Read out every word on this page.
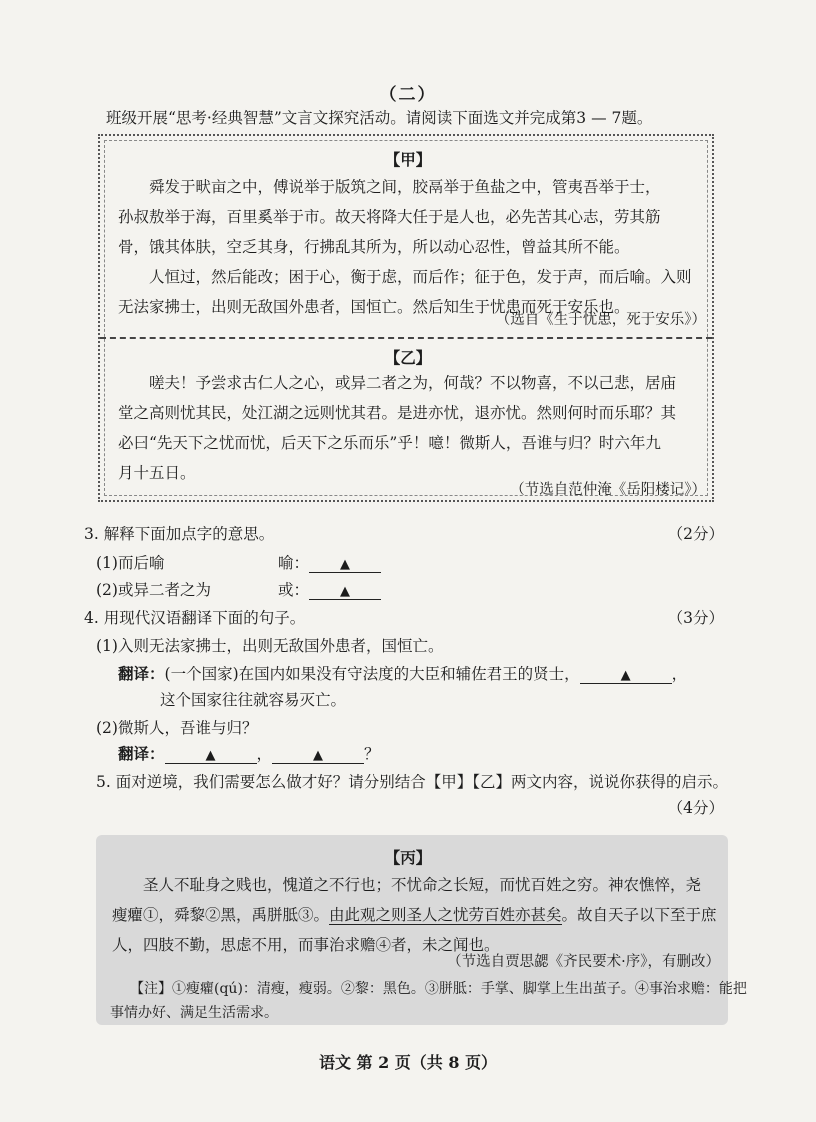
（二）
班级开展“思考·经典智慧”文言文探究活动。请阅读下面选文并完成第3 — 7题。
【甲】
舜发于畎亩之中，傅说举于版筑之间，胶鬲举于鱼盐之中，管夷吾举于士，
孙叔敖举于海，百里奚举于市。故天将降大任于是人也，必先苦其心志，劳其筋
骨，饿其体肤，空乏其身，行拂乱其所为，所以动心忍性，曾益其所不能。
人恒过，然后能改；困于心，衡于虑，而后作；征于色，发于声，而后喻。入则
无法家拂士，出则无敌国外患者，国恒亡。然后知生于忧患而死于安乐也。
（选自《生于忧患，死于安乐》）
【乙】
嗟夫！予尝求古仁人之心，或异二者之为，何哉？不以物喜，不以己悲，居庙
堂之高则忧其民，处江湖之远则忧其君。是进亦忧，退亦忧。然则何时而乐耶？其
必曰“先天下之忧而忧，后天下之乐而乐”乎！噫！微斯人，吾谁与归？时六年九
月十五日。
（节选自范仲淹《岳阳楼记》）
3. 解释下面加点字的意思。	（2分）
(1)而后喻	喻： ▲
(2)或异二者之为	或： ▲
4. 用现代汉语翻译下面的句子。	（3分）
(1)入则无法家拂士，出则无敌国外患者，国恒亡。
翻译：(一个国家)在国内如果没有守法度的大臣和辅佐君王的贤士，	▲	，
这个国家往往就容易灭亡。
(2)微斯人，吾谁与归？
翻译：	▲	，	▲	？
5. 面对逆境，我们需要怎么做才好？请分别结合【甲】【乙】两文内容，说说你获得的启示。
（4分）
【丙】
圣人不耻身之贱也，愧道之不行也；不忧命之长短，而忧百姓之穷。神农憔悴，尧
瘦癯①，舜黎②黑，禹胼胝③。由此观之则圣人之忧劳百姓亦甚矣。故自天子以下至于庶
人，四肢不勤，思虑不用，而事治求赡④者，未之闻也。
（节选自贾思勰《齐民要术·序》，有删改）
【注】①瘦癯(qú)：清瘦，瘦弱。②黎：黑色。③胼胝：手掌、脚掌上生出茧子。④事治求赡：能把
事情办好、满足生活需求。
语文 第 2 页（共 8 页）
